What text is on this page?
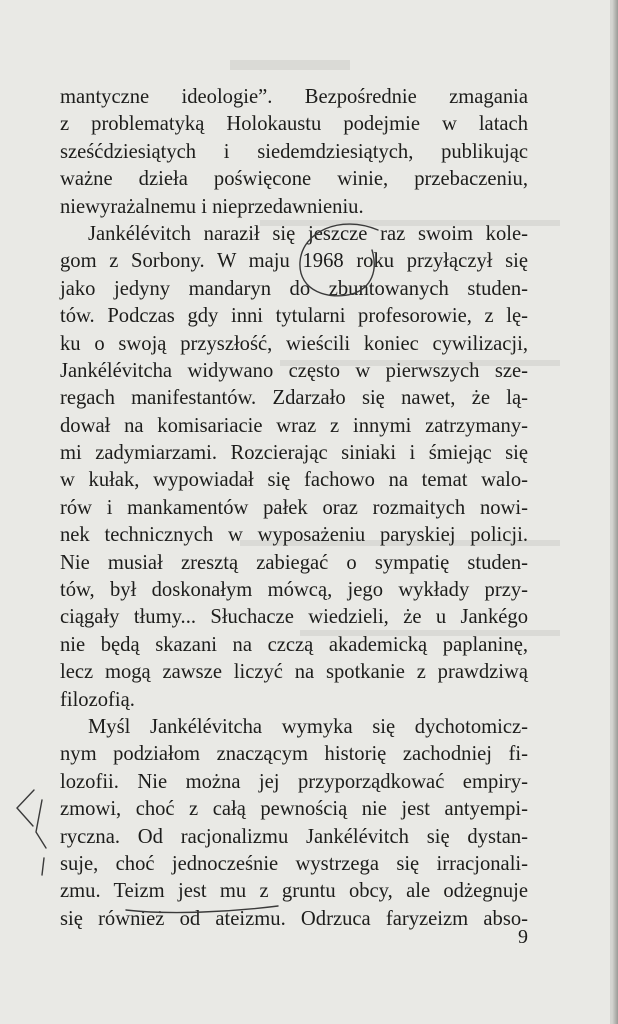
mantyczne ideologie”. Bezpośrednie zmagania
z problematyką Holokaustu podejmie w latach
sześćdziesiątych i siedemdziesiątych, publikując
ważne dzieła poświęcone winie, przebaczeniu,
niewyrażalnemu i nieprzedawnieniu.
Jankélévitch naraził się jeszcze raz swoim kole-
gom z Sorbony. W maju 1968 roku przyłączył się
jako jedyny mandaryn do zbuntowanych studen-
tów. Podczas gdy inni tytularni profesorowie, z lę-
ku o swoją przyszłość, wieścili koniec cywilizacji,
Jankélévitcha widywano często w pierwszych sze-
regach manifestantów. Zdarzało się nawet, że lą-
dował na komisariacie wraz z innymi zatrzymany-
mi zadymiarzami. Rozcierając siniaki i śmiejąc się
w kułak, wypowiadał się fachowo na temat walo-
rów i mankamentów pałek oraz rozmaitych nowi-
nek technicznych w wyposażeniu paryskiej policji.
Nie musiał zresztą zabiegać o sympatię studen-
tów, był doskonałym mówcą, jego wykłady przy-
ciągały tłumy... Słuchacze wiedzieli, że u Jankégo
nie będą skazani na czczą akademicką paplaninę,
lecz mogą zawsze liczyć na spotkanie z prawdziwą
filozofią.
Myśl Jankélévitcha wymyka się dychotomicz-
nym podziałom znaczącym historię zachodniej fi-
lozofii. Nie można jej przyporządkować empiry-
zmowi, choć z całą pewnością nie jest antyempi-
ryczna. Od racjonalizmu Jankélévitch się dystan-
suje, choć jednocześnie wystrzega się irracjonali-
zmu. Teizm jest mu z gruntu obcy, ale odżegnuje
się również od ateizmu. Odrzuca faryzeizm abso-
9
